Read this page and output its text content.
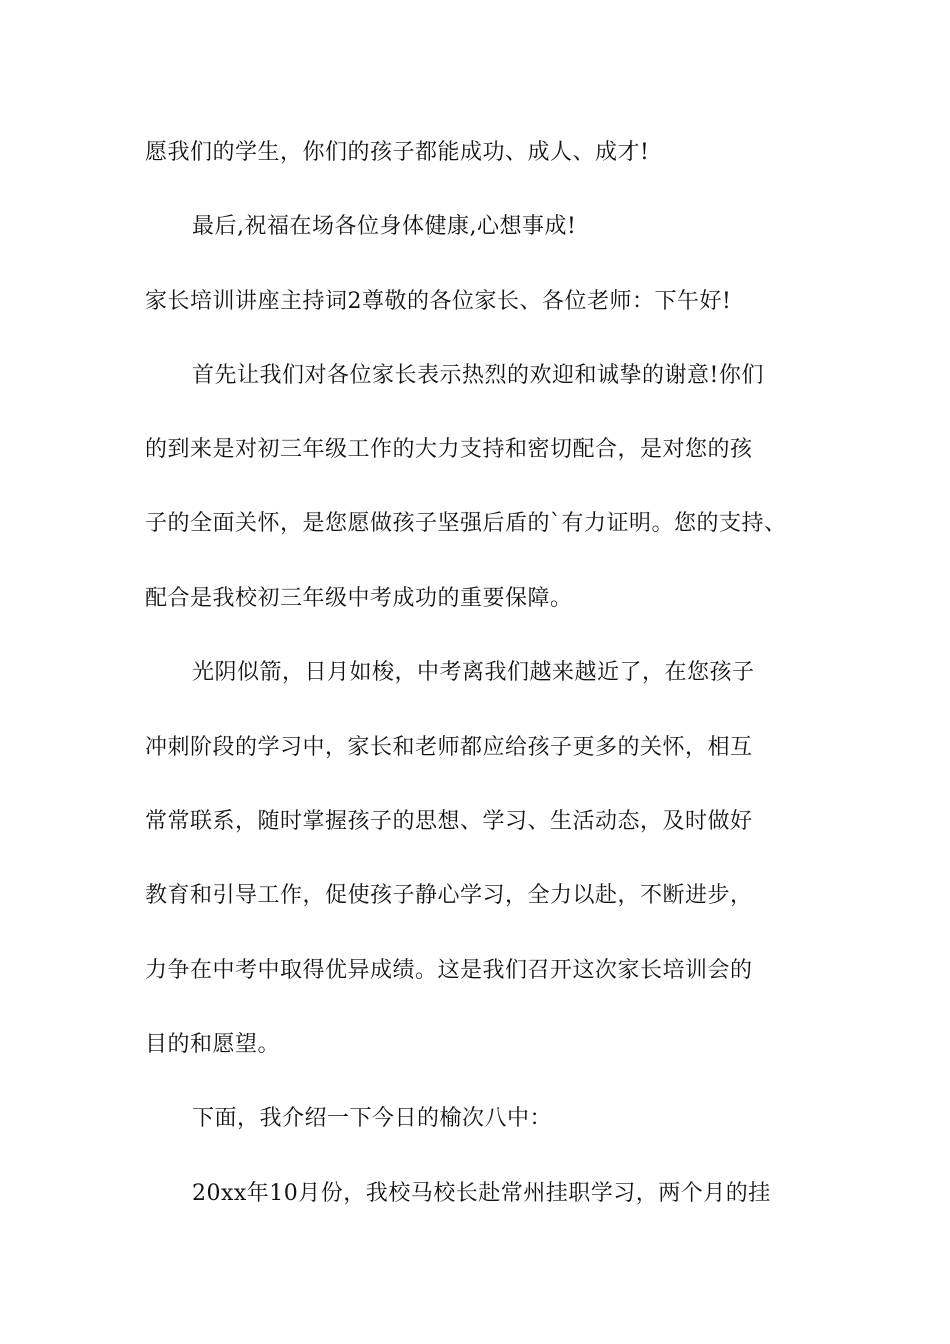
愿我们的学生，你们的孩子都能成功、成人、成才!
最后,祝福在场各位身体健康,心想事成!
家长培训讲座主持词2尊敬的各位家长、各位老师：下午好!
首先让我们对各位家长表示热烈的欢迎和诚挚的谢意!你们
的到来是对初三年级工作的大力支持和密切配合，是对您的孩
子的全面关怀，是您愿做孩子坚强后盾的`有力证明。您的支持、
配合是我校初三年级中考成功的重要保障。
光阴似箭，日月如梭，中考离我们越来越近了，在您孩子
冲刺阶段的学习中，家长和老师都应给孩子更多的关怀，相互
常常联系，随时掌握孩子的思想、学习、生活动态，及时做好
教育和引导工作，促使孩子静心学习，全力以赴，不断进步，
力争在中考中取得优异成绩。这是我们召开这次家长培训会的
目的和愿望。
下面，我介绍一下今日的榆次八中：
20xx年10月份，我校马校长赴常州挂职学习，两个月的挂
